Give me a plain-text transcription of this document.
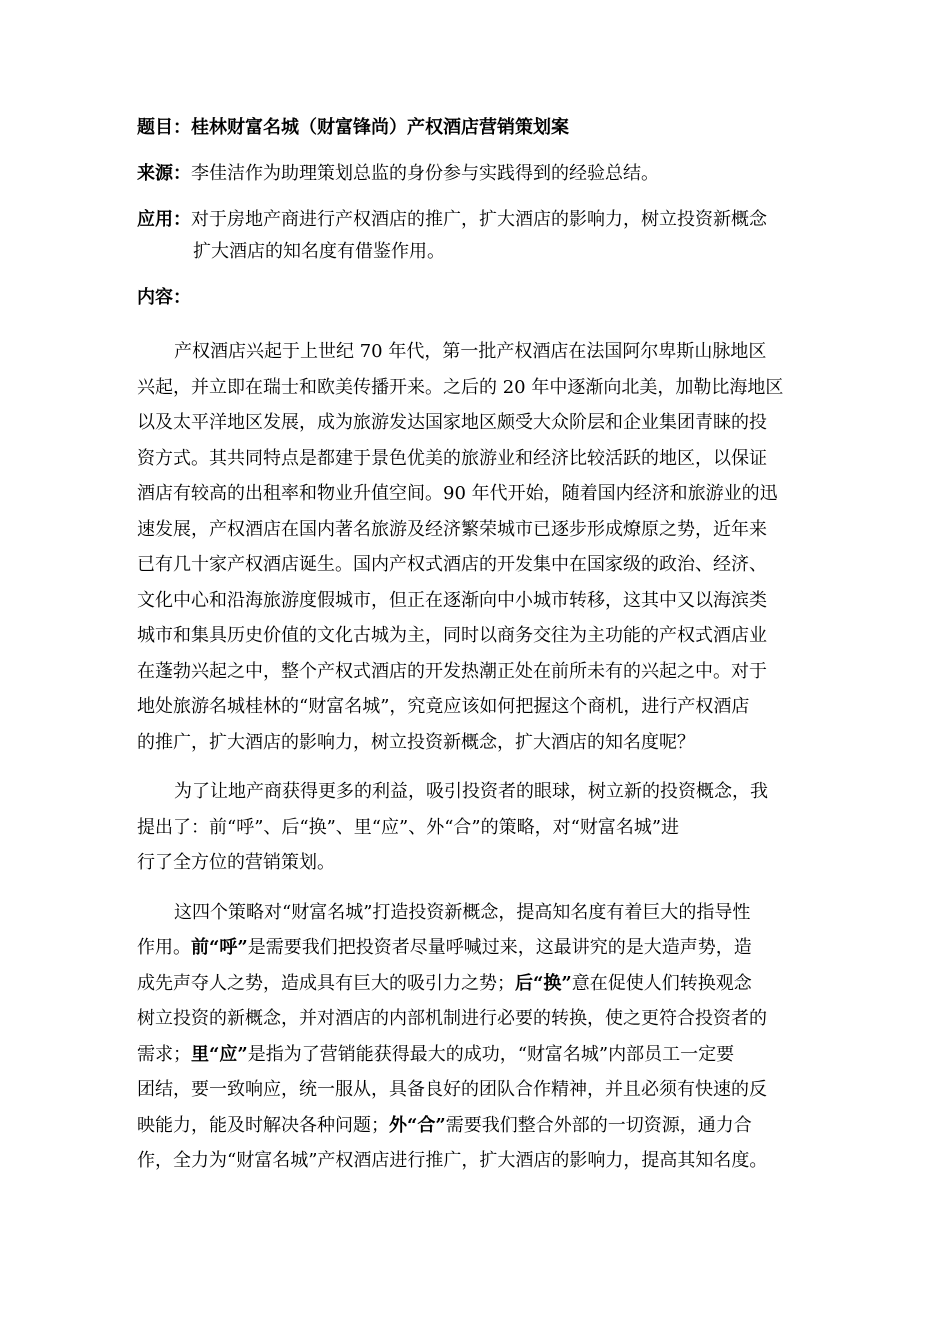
题目：桂林财富名城（财富锋尚）产权酒店营销策划案
来源：李佳洁作为助理策划总监的身份参与实践得到的经验总结。
应用：对于房地产商进行产权酒店的推广，扩大酒店的影响力，树立投资新概念
扩大酒店的知名度有借鉴作用。
内容：
产权酒店兴起于上世纪 70 年代，第一批产权酒店在法国阿尔卑斯山脉地区
兴起，并立即在瑞士和欧美传播开来。之后的 20 年中逐渐向北美，加勒比海地区
以及太平洋地区发展，成为旅游发达国家地区颇受大众阶层和企业集团青睐的投
资方式。其共同特点是都建于景色优美的旅游业和经济比较活跃的地区，以保证
酒店有较高的出租率和物业升值空间。90 年代开始，随着国内经济和旅游业的迅
速发展，产权酒店在国内著名旅游及经济繁荣城市已逐步形成燎原之势，近年来
已有几十家产权酒店诞生。国内产权式酒店的开发集中在国家级的政治、经济、
文化中心和沿海旅游度假城市，但正在逐渐向中小城市转移，这其中又以海滨类
城市和集具历史价值的文化古城为主，同时以商务交往为主功能的产权式酒店业
在蓬勃兴起之中，整个产权式酒店的开发热潮正处在前所未有的兴起之中。对于
地处旅游名城桂林的“财富名城”，究竟应该如何把握这个商机，进行产权酒店
的推广，扩大酒店的影响力，树立投资新概念，扩大酒店的知名度呢？
为了让地产商获得更多的利益，吸引投资者的眼球，树立新的投资概念，我
提出了：前“呼”、后“换”、里“应”、外“合”的策略，对“财富名城”进
行了全方位的营销策划。
这四个策略对“财富名城”打造投资新概念，提高知名度有着巨大的指导性
作用。前“呼”是需要我们把投资者尽量呼喊过来，这最讲究的是大造声势，造
成先声夺人之势，造成具有巨大的吸引力之势；后“换”意在促使人们转换观念
树立投资的新概念，并对酒店的内部机制进行必要的转换，使之更符合投资者的
需求；里“应”是指为了营销能获得最大的成功，“财富名城”内部员工一定要
团结，要一致响应，统一服从，具备良好的团队合作精神，并且必须有快速的反
映能力，能及时解决各种问题；外“合”需要我们整合外部的一切资源，通力合
作，全力为“财富名城”产权酒店进行推广，扩大酒店的影响力，提高其知名度。
